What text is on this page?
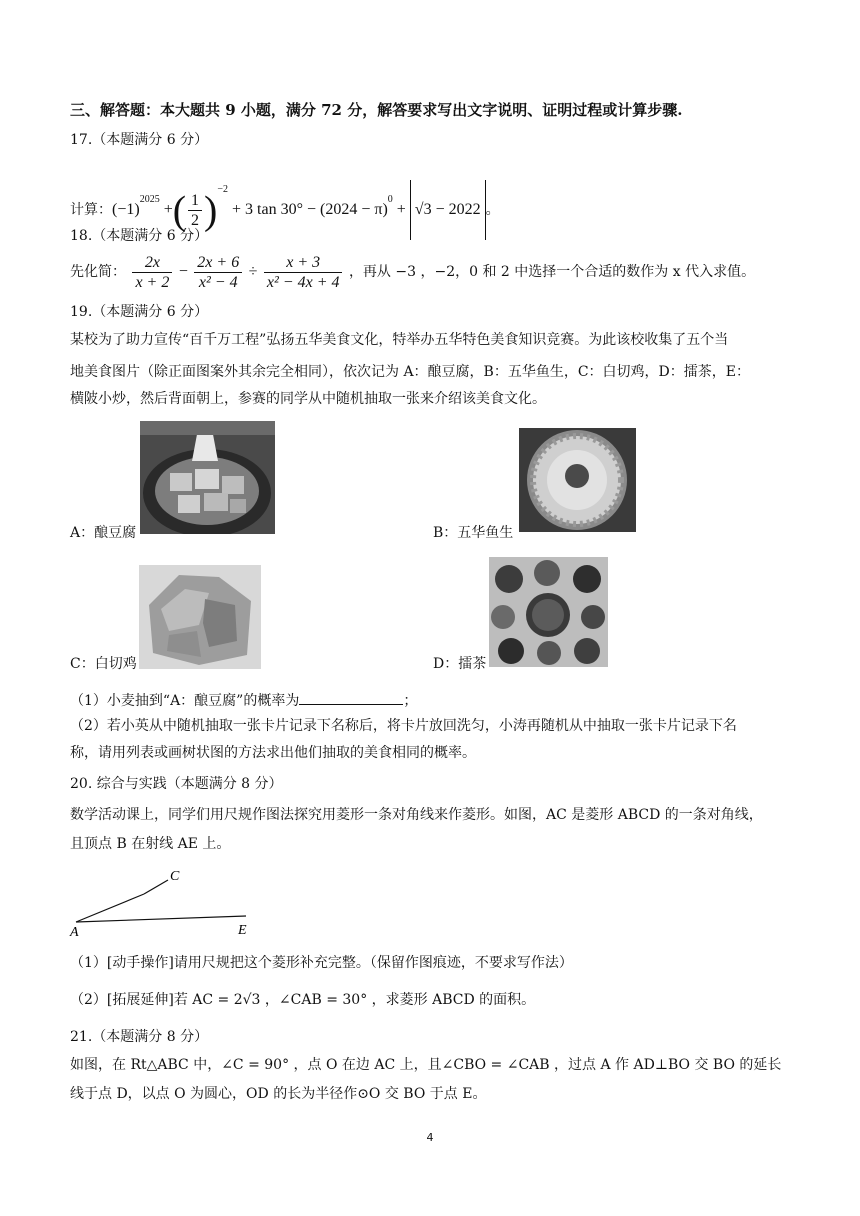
三、解答题：本大题共 9 小题，满分 72 分，解答要求写出文字说明、证明过程或计算步骤.
17.（本题满分 6 分）
计算：$(-1)^{2025}$ +( $\frac{1}{2} )^{-2} + 3$ $\tan 30^\circ - (2024 - \pi)^0 + √3 - 2022$ 。
18.（本题满分 6 分）
先化简： $\frac{2x}{x + 2} - \frac{2x + 6}{\text{x² − 4}} \div \frac{x + 3}{\text{x² − 4x + 4}}$ ，再从 −3 ，−2，0 和 2 中选择一个合适的数作为 x 代入求值。
19.（本题满分 6 分）
某校为了助力宣传“百千万工程”弘扬五华美食文化，特举办五华特色美食知识竞赛。为此该校收集了五个当
地美食图片（除正面图案外其余完全相同），依次记为 A：酿豆腐，B：五华鱼生，C：白切鸡，D：擂茶，E：
横陂小炒，然后背面朝上，参赛的同学从中随机抽取一张来介绍该美食文化。
A：酿豆腐	B：五华鱼生
C：白切鸡	D：擂茶
（1）小麦抽到“A：酿豆腐”的概率为	；
（2）若小英从中随机抽取一张卡片记录下名称后，将卡片放回洗匀，小涛再随机从中抽取一张卡片记录下名
称，请用列表或画树状图的方法求出他们抽取的美食相同的概率。
20. 综合与实践（本题满分 8 分）
数学活动课上，同学们用尺规作图法探究用菱形一条对角线来作菱形。如图，AC 是菱形 ABCD 的一条对角线，
且顶点 B 在射线 AE 上。
A
C
E
（1）[动手操作]请用尺规把这个菱形补充完整。（保留作图痕迹，不要求写作法）
（2）[拓展延伸]若 AC = 2√3 ，∠CAB = 30° ，求菱形 ABCD 的面积。
21.（本题满分 8 分）
如图，在 Rt△ABC 中，∠C = 90° ，点 O 在边 AC 上，且∠CBO = ∠CAB ，过点 A 作 AD⊥BO 交 BO 的延长
线于点 D，以点 O 为圆心，OD 的长为半径作⊙O 交 BO 于点 E。
4
